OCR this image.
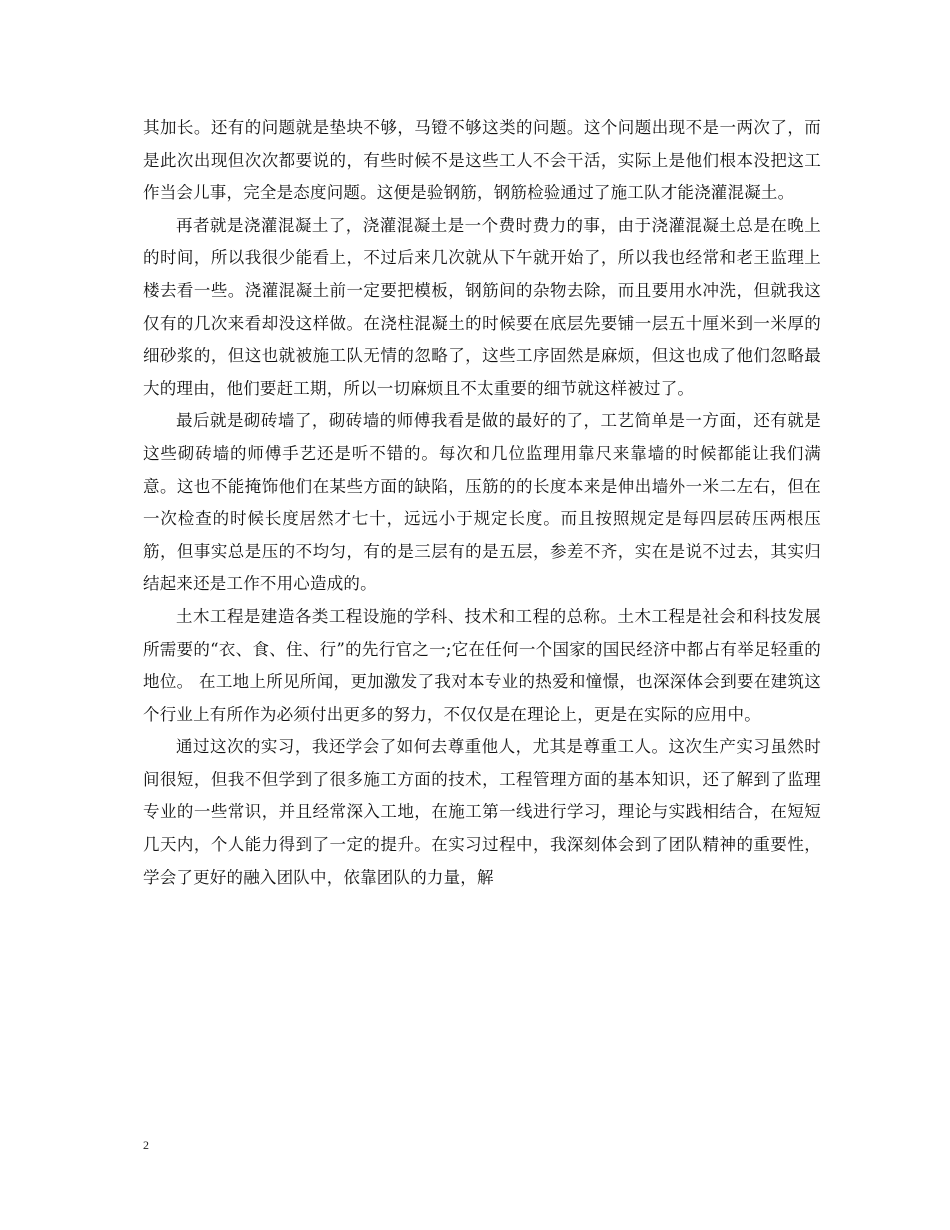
其加长。还有的问题就是垫块不够，马镫不够这类的问题。这个问题出现不是一两次了，而是此次出现但次次都要说的，有些时候不是这些工人不会干活，实际上是他们根本没把这工作当会儿事，完全是态度问题。这便是验钢筋，钢筋检验通过了施工队才能浇灌混凝土。

再者就是浇灌混凝土了，浇灌混凝土是一个费时费力的事，由于浇灌混凝土总是在晚上的时间，所以我很少能看上，不过后来几次就从下午就开始了，所以我也经常和老王监理上楼去看一些。浇灌混凝土前一定要把模板，钢筋间的杂物去除，而且要用水冲洗，但就我这仅有的几次来看却没这样做。在浇柱混凝土的时候要在底层先要铺一层五十厘米到一米厚的细砂浆的，但这也就被施工队无情的忽略了，这些工序固然是麻烦，但这也成了他们忽略最大的理由，他们要赶工期，所以一切麻烦且不太重要的细节就这样被过了。

最后就是砌砖墙了，砌砖墙的师傅我看是做的最好的了，工艺简单是一方面，还有就是这些砌砖墙的师傅手艺还是听不错的。每次和几位监理用靠尺来靠墙的时候都能让我们满意。这也不能掩饰他们在某些方面的缺陷，压筋的的长度本来是伸出墙外一米二左右，但在一次检查的时候长度居然才七十，远远小于规定长度。而且按照规定是每四层砖压两根压筋，但事实总是压的不均匀，有的是三层有的是五层，参差不齐，实在是说不过去，其实归结起来还是工作不用心造成的。

土木工程是建造各类工程设施的学科、技术和工程的总称。土木工程是社会和科技发展所需要的“衣、食、住、行”的先行官之一;它在任何一个国家的国民经济中都占有举足轻重的地位。 在工地上所见所闻，更加激发了我对本专业的热爱和憧憬，也深深体会到要在建筑这个行业上有所作为必须付出更多的努力，不仅仅是在理论上，更是在实际的应用中。

通过这次的实习，我还学会了如何去尊重他人，尤其是尊重工人。这次生产实习虽然时间很短，但我不但学到了很多施工方面的技术，工程管理方面的基本知识，还了解到了监理专业的一些常识，并且经常深入工地，在施工第一线进行学习，理论与实践相结合，在短短几天内，个人能力得到了一定的提升。在实习过程中，我深刻体会到了团队精神的重要性，学会了更好的融入团队中，依靠团队的力量，解

2
